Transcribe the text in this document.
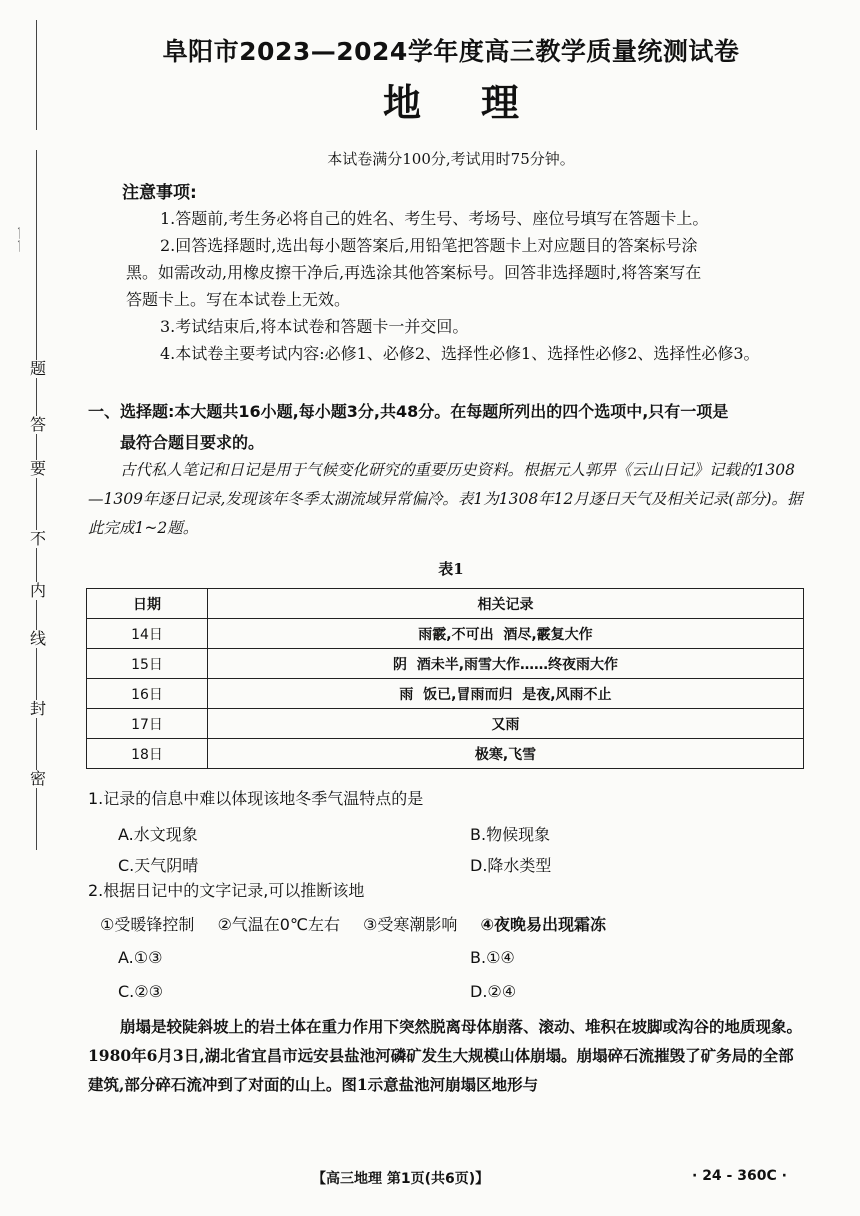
一一
密
封
线
内
不
要
答
题
阜阳市2023—2024学年度高三教学质量统测试卷
地理
本试卷满分100分,考试用时75分钟。
注意事项:

1.答题前,考生务必将自己的姓名、考生号、考场号、座位号填写在答题卡上。

2.回答选择题时,选出每小题答案后,用铅笔把答题卡上对应题目的答案标号涂

黑。如需改动,用橡皮擦干净后,再选涂其他答案标号。回答非选择题时,将答案写在

答题卡上。写在本试卷上无效。

3.考试结束后,将本试卷和答题卡一并交回。

4.本试卷主要考试内容:必修1、必修2、选择性必修1、选择性必修2、选择性必修3。

一、选择题:本大题共16小题,每小题3分,共48分。在每题所列出的四个选项中,只有一项是
最符合题目要求的。

古代私人笔记和日记是用于气候变化研究的重要历史资料。根据元人郭畀《云山日记》记载的1308—1309年逐日记录,发现该年冬季太湖流域异常偏冷。表1为1308年12月逐日天气及相关记录(部分)。据此完成1~2题。

表1
日期	相关记录
14日	雨霰,不可出  酒尽,霰复大作
15日	阴  酒未半,雨雪大作……终夜雨大作
16日	雨  饭已,冒雨而归  是夜,风雨不止
17日	又雨
18日	极寒,飞雪
1.记录的信息中难以体现该地冬季气温特点的是
A.水文现象	B.物候现象
C.天气阴晴	D.降水类型
2.根据日记中的文字记录,可以推断该地
①受暖锋控制 ②气温在0℃左右 ③受寒潮影响 ④夜晚易出现霜冻
A.①③	B.①④
C.②③	D.②④

崩塌是较陡斜坡上的岩土体在重力作用下突然脱离母体崩落、滚动、堆积在坡脚或沟谷的地质现象。1980年6月3日,湖北省宜昌市远安县盐池河磷矿发生大规模山体崩塌。崩塌碎石流摧毁了矿务局的全部建筑,部分碎石流冲到了对面的山上。图1示意盐池河崩塌区地形与

【高三地理 第1页(共6页)】	· 24 - 360C ·
